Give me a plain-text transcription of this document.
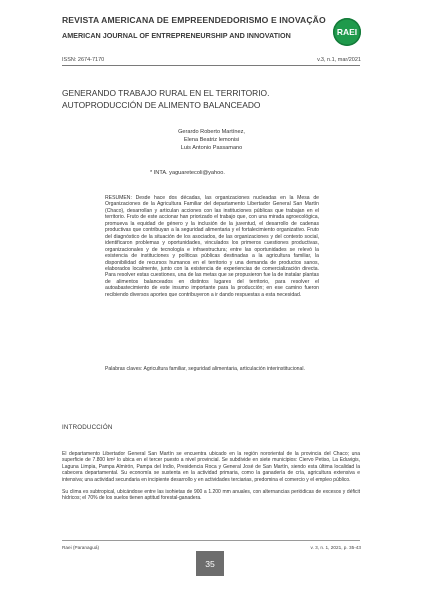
REVISTA AMERICANA DE EMPREENDEDORISMO E INOVAÇÃO
AMERICAN JOURNAL OF ENTREPRENEURSHIP AND INNOVATION	RAEI
ISSN: 2674-7170	v.3, n.1, mar/2021
GENERANDO TRABAJO RURAL EN EL TERRITORIO.
AUTOPRODUCCIÓN DE ALIMENTO BALANCEADO
Gerardo Roberto Martínez,
Elena Beatriz lemonisi
Luis Antonio Passamano
* INTA. yaguaretecoli@yahoo.
RESUMEN: Desde hace dos décadas, las organizaciones nucleadas en la Mesa de Organizaciones de la Agricultura Familiar del departamento Libertador General San Martín (Chaco), desarrollan y articulan acciones con las instituciones públicas que trabajan en el territorio. Fruto de este accionar han priorizado el trabajo que, con una mirada agroecológica, promueva la equidad de género y la inclusión de la juventud, el desarrollo de cadenas productivas que contribuyan a la seguridad alimentaria y el fortalecimiento organizativo. Fruto del diagnóstico de la situación de los asociados, de las organizaciones y del contexto social, identificaron problemas y oportunidades, vinculados los primeros cuestiones productivas, organizacionales y de tecnología e infraestructura; entre las oportunidades se relevó la existencia de instituciones y políticas públicas destinadas a la agricultura familiar, la disponibilidad de recursos humanos en el territorio y una demanda de productos sanos, elaborados localmente, junto con la existencia de experiencias de comercialización directa. Para resolver estas cuestiones, una de las metas que se propusieron fue la de instalar plantas de alimentos balanceados en distintos lugares del territorio, para resolver el autoabastecimiento de este insumo importante para la producción; en ese camino fueron recibiendo diversos aportes que contribuyeron a ir dando respuestas a esta necesidad.
Palabras claves: Agricultura familiar, seguridad alimentaria, articulación interinstitucional.
INTRODUCCIÓN

El departamento Libertador General San Martín se encuentra ubicado en la región nororiental de la provincia del Chaco; una superficie de 7.800 km² lo ubica en el tercer puesto a nivel provincial. Se subdivide en siete municipios: Ciervo Petiso, La Eduvigis, Laguna Limpia, Pampa Almirón, Pampa del Indio, Presidencia Roca y General José de San Martín, siendo esta última localidad la cabecera departamental. Su economía se sustenta en la actividad primaria, como la ganadería de cría, agricultura extensiva e intensiva; una actividad secundaria en incipiente desarrollo y en actividades terciarias, predomina el comercio y el empleo público.

Su clima es subtropical, ubicándose entre las isohietas de 900 a 1.200 mm anuales, con alternancias periódicas de excesos y déficit hídricos; el 70% de los suelos tienen aptitud forestal-ganadera.

Raei (Paranaguá)	v. 3, n. 1, 2021, p. 35-43
35
